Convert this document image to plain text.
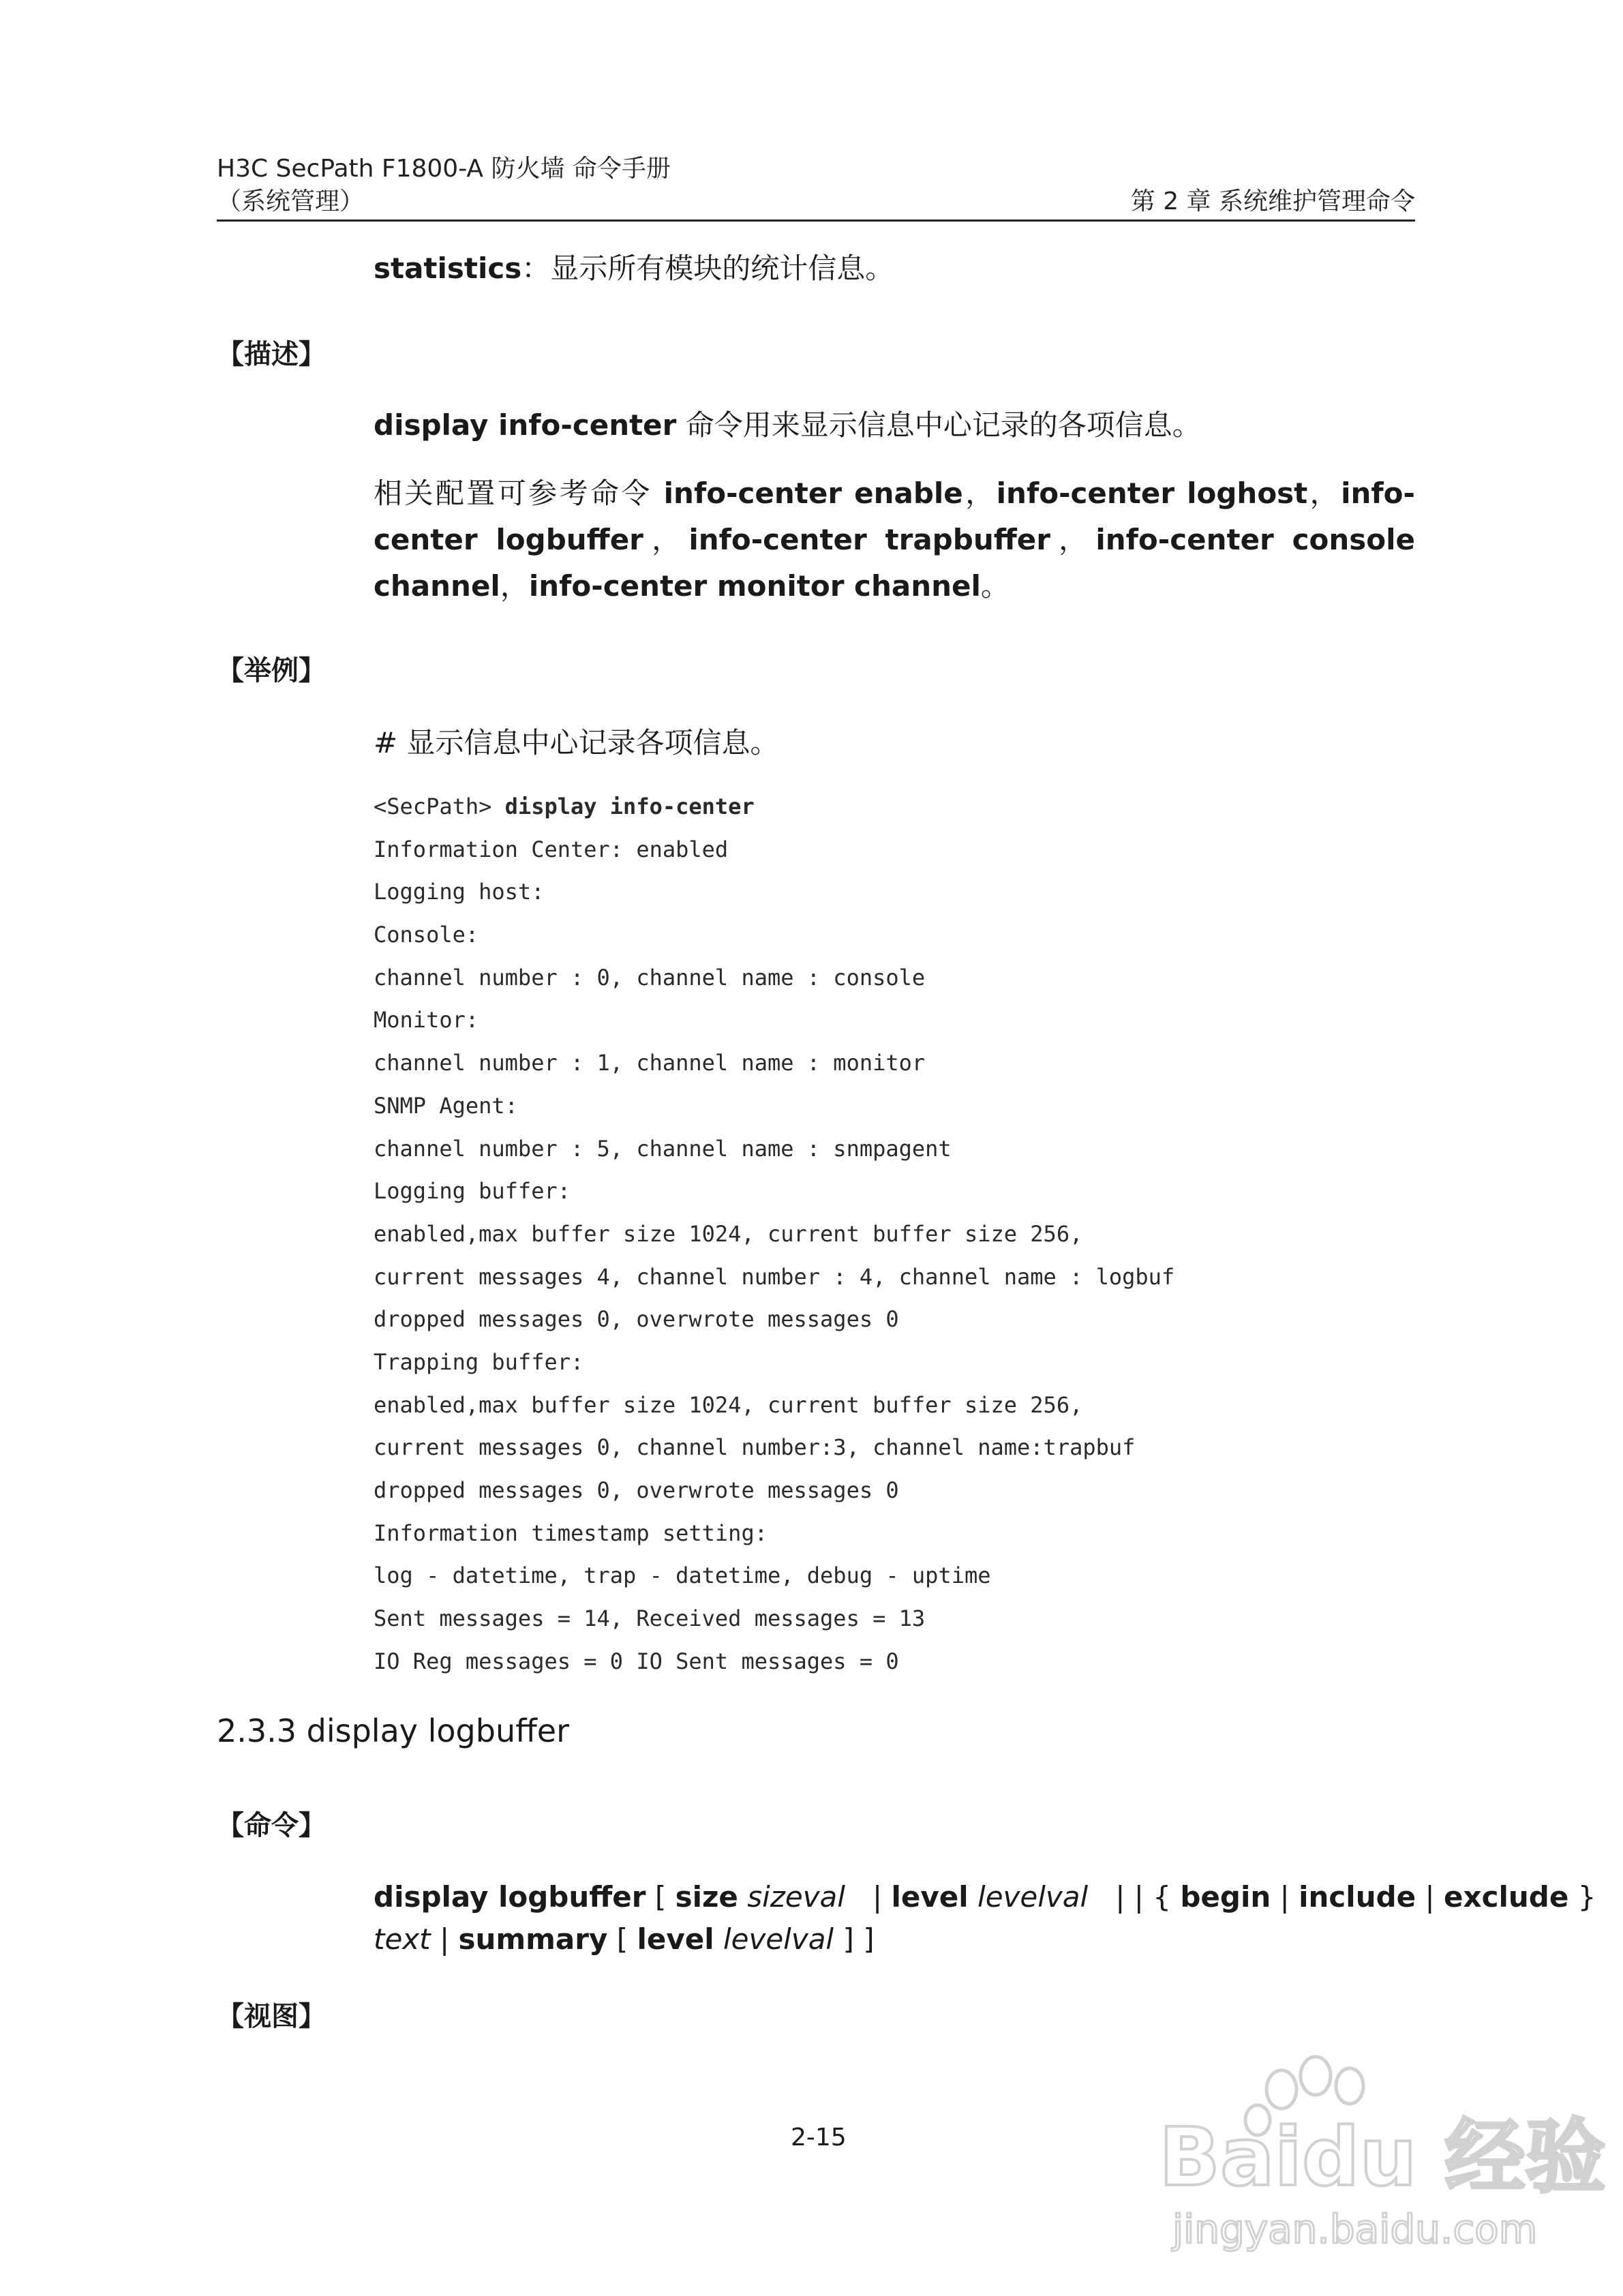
H3C SecPath F1800-A 防火墙 命令手册
（系统管理）	第 2 章 系统维护管理命令
statistics：显示所有模块的统计信息。
【描述】
display info-center 命令用来显示信息中心记录的各项信息。
相关配置可参考命令 info-center enable，info-center loghost，info-center logbuffer，info-center trapbuffer，info-center console channel，info-center monitor channel。
【举例】
# 显示信息中心记录各项信息。
<SecPath> display info-center
Information Center: enabled
Logging host:
Console:
channel number : 0, channel name : console
Monitor:
channel number : 1, channel name : monitor
SNMP Agent:
channel number : 5, channel name : snmpagent
Logging buffer:
enabled,max buffer size 1024, current buffer size 256,
current messages 4, channel number : 4, channel name : logbuf
dropped messages 0, overwrote messages 0
Trapping buffer:
enabled,max buffer size 1024, current buffer size 256,
current messages 0, channel number:3, channel name:trapbuf
dropped messages 0, overwrote messages 0
Information timestamp setting:
log - datetime, trap - datetime, debug - uptime
Sent messages = 14, Received messages = 13
IO Reg messages = 0 IO Sent messages = 0
2.3.3 display logbuffer
【命令】
display logbuffer [ size sizeval   | level levelval   | | { begin | include | exclude }
text | summary [ level levelval ] ]
【视图】
2-15	Baidu 经验
jingyan.baidu.com
